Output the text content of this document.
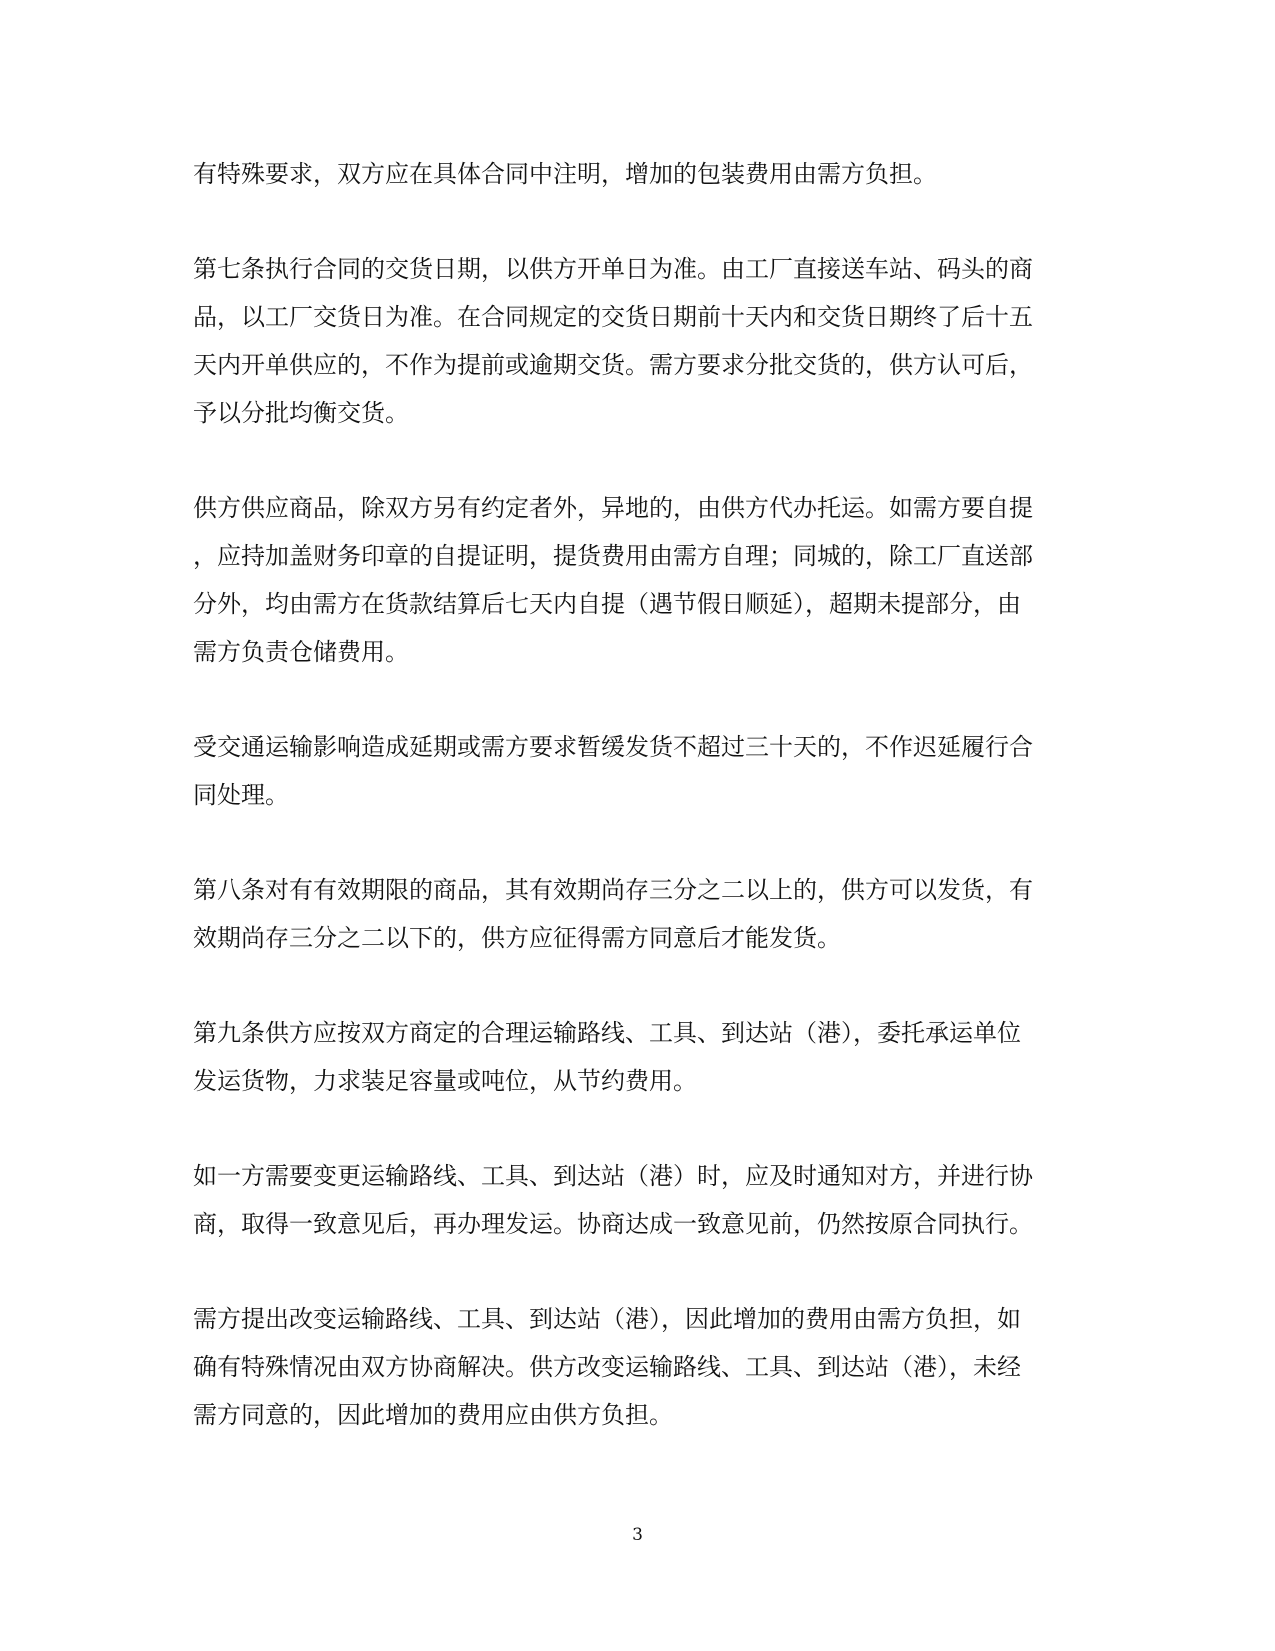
有特殊要求，双方应在具体合同中注明，增加的包装费用由需方负担。
第七条执行合同的交货日期，以供方开单日为准。由工厂直接送车站、码头的商
品，以工厂交货日为准。在合同规定的交货日期前十天内和交货日期终了后十五
天内开单供应的，不作为提前或逾期交货。需方要求分批交货的，供方认可后，
予以分批均衡交货。
供方供应商品，除双方另有约定者外，异地的，由供方代办托运。如需方要自提
，应持加盖财务印章的自提证明，提货费用由需方自理；同城的，除工厂直送部
分外，均由需方在货款结算后七天内自提（遇节假日顺延），超期未提部分，由
需方负责仓储费用。
受交通运输影响造成延期或需方要求暂缓发货不超过三十天的，不作迟延履行合
同处理。
第八条对有有效期限的商品，其有效期尚存三分之二以上的，供方可以发货，有
效期尚存三分之二以下的，供方应征得需方同意后才能发货。
第九条供方应按双方商定的合理运输路线、工具、到达站（港），委托承运单位
发运货物，力求装足容量或吨位，从节约费用。
如一方需要变更运输路线、工具、到达站（港）时，应及时通知对方，并进行协
商，取得一致意见后，再办理发运。协商达成一致意见前，仍然按原合同执行。
需方提出改变运输路线、工具、到达站（港），因此增加的费用由需方负担，如
确有特殊情况由双方协商解决。供方改变运输路线、工具、到达站（港），未经
需方同意的，因此增加的费用应由供方负担。
3
